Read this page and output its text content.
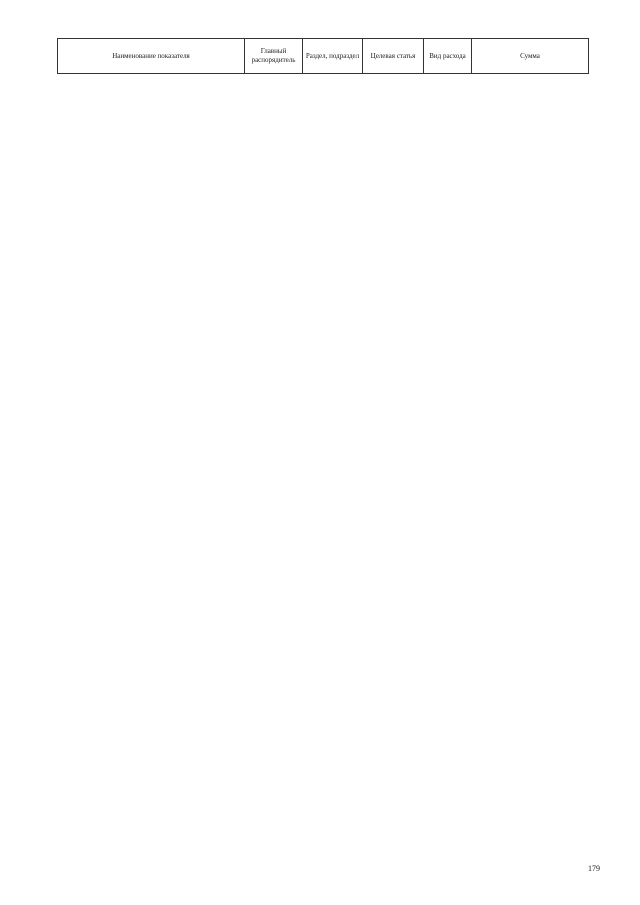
Наименование показателя	Главный распорядитель	Раздел, подраздел	Целевая статья	Вид расхода	Сумма
179
